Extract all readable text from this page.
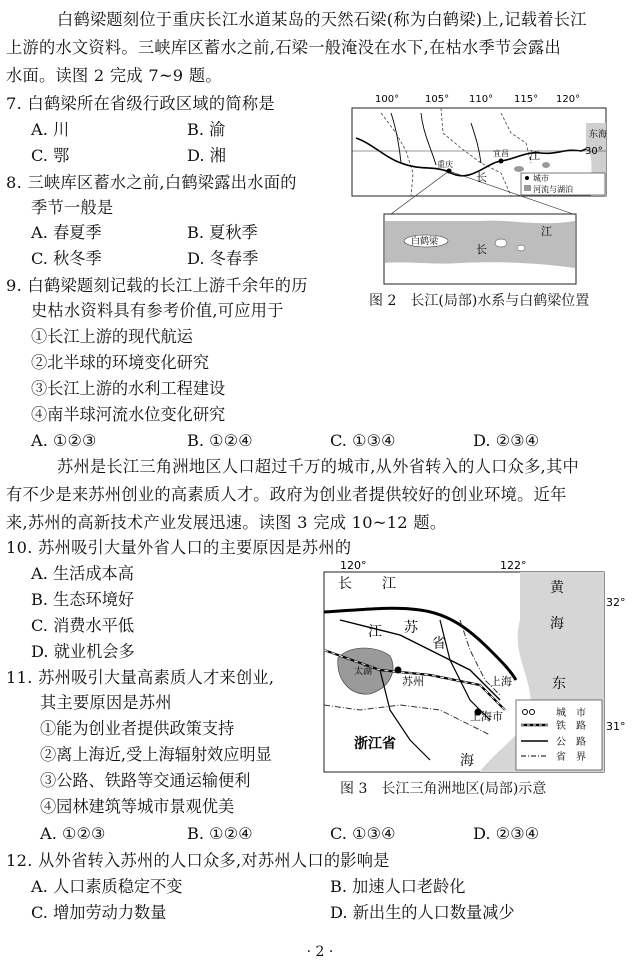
　　白鹤梁题刻位于重庆长江水道某岛的天然石梁(称为白鹤梁)上,记载着长江
上游的水文资料。三峡库区蓄水之前,石梁一般淹没在水下,在枯水季节会露出
水面。读图 2 完成 7~9 题。
7. 白鹤梁所在省级行政区域的简称是
A. 川	B. 渝
C. 鄂	D. 湘
8. 三峡库区蓄水之前,白鹤梁露出水面的
季节一般是
A. 春夏季	B. 夏秋季
C. 秋冬季	D. 冬春季
9. 白鹤梁题刻记载的长江上游千余年的历
史枯水资料具有参考价值,可应用于
①长江上游的现代航运
②北半球的环境变化研究
③长江上游的水利工程建设
④南半球河流水位变化研究
A. ①②③	B. ①②④	C. ①③④	D. ②③④
100°	105° 110° 115° 120°
30°
长
江
东海
重庆
宜昌
城市
河流与湖泊
白鹤梁
江
长
图 2　长江(局部)水系与白鹤梁位置
　　苏州是长江三角洲地区人口超过千万的城市,从外省转入的人口众多,其中
有不少是来苏州创业的高素质人才。政府为创业者提供较好的创业环境。近年
来,苏州的高新技术产业发展迅速。读图 3 完成 10~12 题。
10. 苏州吸引大量外省人口的主要原因是苏州的
A. 生活成本高
B. 生态环境好
C. 消费水平低
D. 就业机会多
11. 苏州吸引大量高素质人才来创业,
其主要原因是苏州
①能为创业者提供政策支持
②离上海近,受上海辐射效应明显
③公路、铁路等交通运输便利
④园林建筑等城市景观优美
A. ①②③	B. ①②④	C. ①③④	D. ②③④
120°	122°
32°
31°
长 江	黄
海
江 苏
省
太湖
苏州	上海
上海市
浙江省
东
海
城　市
铁　路
公　路
省　界
图 3　长江三角洲地区(局部)示意
12. 从外省转入苏州的人口众多,对苏州人口的影响是
A. 人口素质稳定不变	B. 加速人口老龄化
C. 增加劳动力数量	D. 新出生的人口数量减少
· 2 ·
